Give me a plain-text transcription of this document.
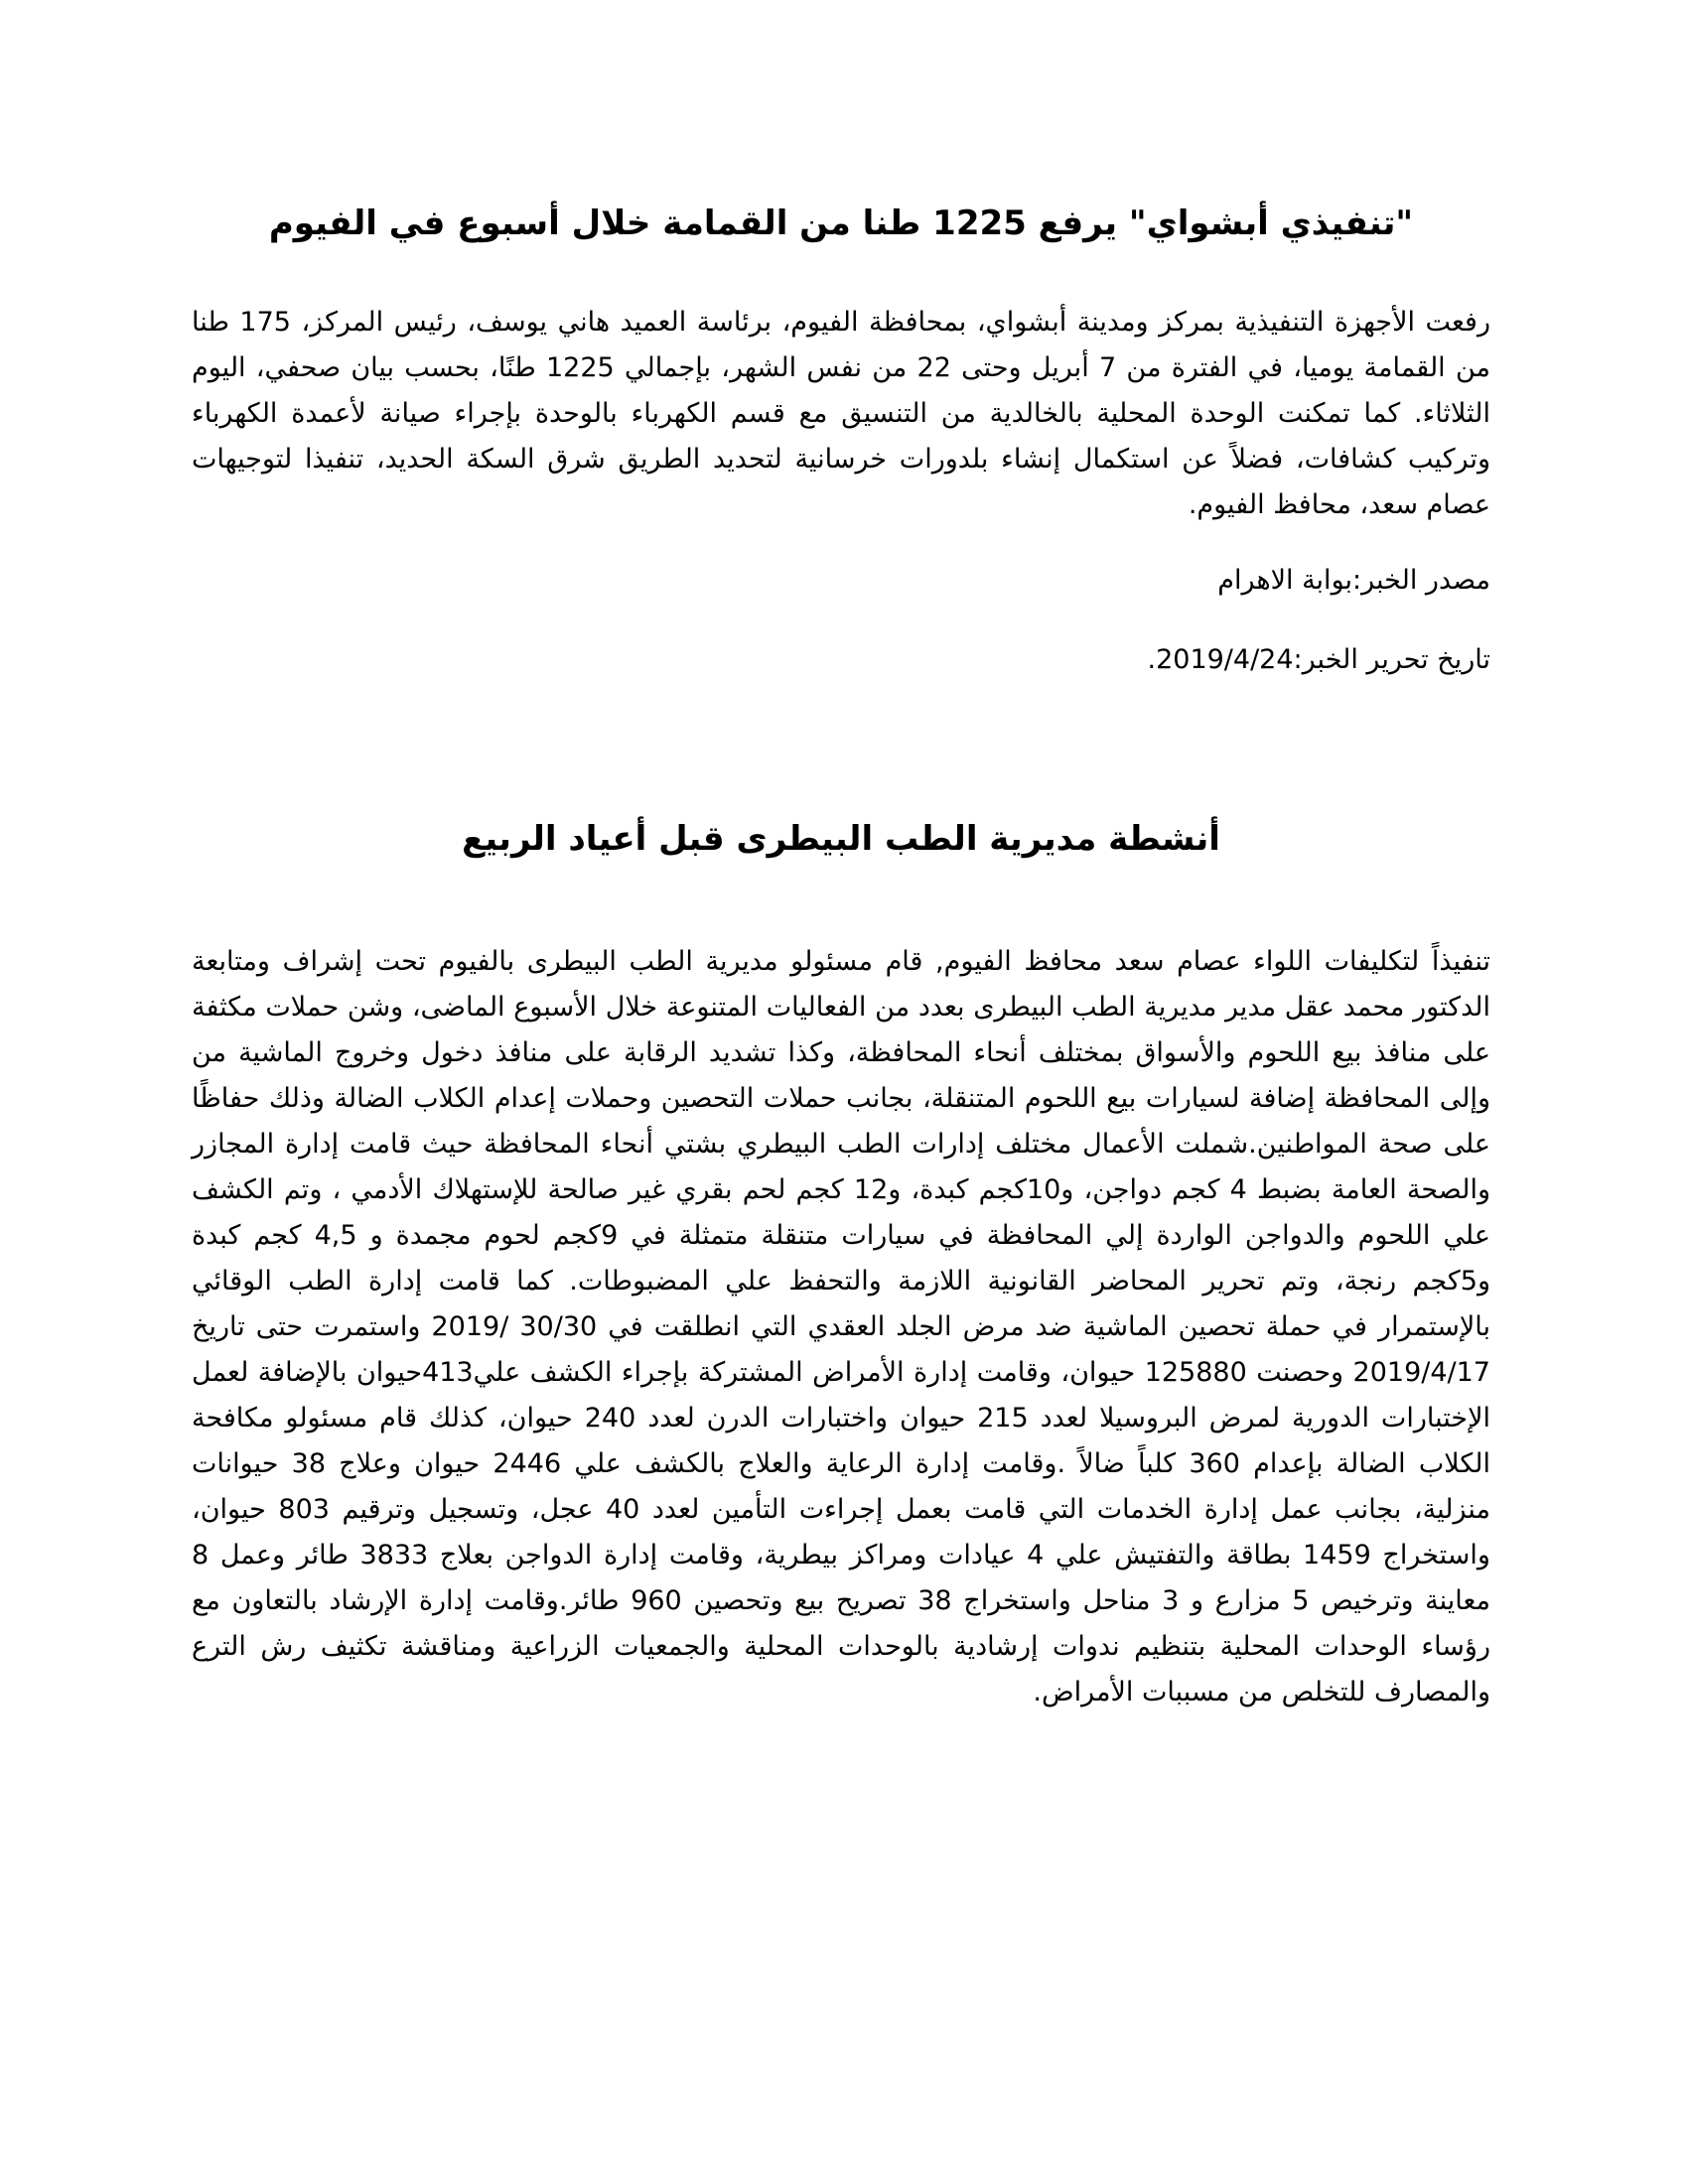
"تنفيذي أبشواي" يرفع 1225 طنا من القمامة خلال أسبوع في الفيوم

رفعت الأجهزة التنفيذية بمركز ومدينة أبشواي، بمحافظة الفيوم، برئاسة العميد هاني يوسف، رئيس المركز، 175 طنا من القمامة يوميا، في الفترة من 7 أبريل وحتى 22 من نفس الشهر، بإجمالي 1225 طنًا، بحسب بيان صحفي، اليوم الثلاثاء. كما تمكنت الوحدة المحلية بالخالدية من التنسيق مع قسم الكهرباء بالوحدة بإجراء صيانة لأعمدة الكهرباء وتركيب كشافات، فضلاً عن استكمال إنشاء بلدورات خرسانية لتحديد الطريق شرق السكة الحديد، تنفيذا لتوجيهات عصام سعد، محافظ الفيوم.

مصدر الخبر:بوابة الاهرام

تاريخ تحرير الخبر:2019/4/24.

أنشطة مديرية الطب البيطرى قبل أعياد الربيع

تنفيذاً لتكليفات اللواء عصام سعد محافظ الفيوم, قام مسئولو مديرية الطب البيطرى بالفيوم تحت إشراف ومتابعة الدكتور محمد عقل مدير مديرية الطب البيطرى بعدد من الفعاليات المتنوعة خلال الأسبوع الماضى، وشن حملات مكثفة على منافذ بيع اللحوم والأسواق بمختلف أنحاء المحافظة، وكذا تشديد الرقابة على منافذ دخول وخروج الماشية من وإلى المحافظة إضافة لسيارات بيع اللحوم المتنقلة، بجانب حملات التحصين وحملات إعدام الكلاب الضالة وذلك حفاظًا على صحة المواطنين.شملت الأعمال مختلف إدارات الطب البيطري بشتي أنحاء المحافظة حيث قامت إدارة المجازر والصحة العامة بضبط 4 كجم دواجن، و10كجم كبدة، و12 كجم لحم بقري غير صالحة للإستهلاك الأدمي ، وتم الكشف علي اللحوم والدواجن الواردة إلي المحافظة في سيارات متنقلة متمثلة في 9كجم لحوم مجمدة و 4,5 كجم كبدة و5كجم رنجة، وتم تحرير المحاضر القانونية اللازمة والتحفظ علي المضبوطات. كما قامت إدارة الطب الوقائي بالإستمرار في حملة تحصين الماشية ضد مرض الجلد العقدي التي انطلقت في 30/30 /2019 واستمرت حتى تاريخ 2019/4/17 وحصنت 125880 حيوان، وقامت إدارة الأمراض المشتركة بإجراء الكشف علي413حيوان بالإضافة لعمل الإختبارات الدورية لمرض البروسيلا لعدد 215 حيوان واختبارات الدرن لعدد 240 حيوان، كذلك قام مسئولو مكافحة الكلاب الضالة بإعدام 360 كلباً ضالاً .وقامت إدارة الرعاية والعلاج بالكشف علي 2446 حيوان وعلاج 38 حيوانات منزلية، بجانب عمل إدارة الخدمات التي قامت بعمل إجراءت التأمين لعدد 40 عجل، وتسجيل وترقيم 803 حيوان، واستخراج 1459 بطاقة والتفتيش علي 4 عيادات ومراكز بيطرية، وقامت إدارة الدواجن بعلاج 3833 طائر وعمل 8 معاينة وترخيص 5 مزارع و 3 مناحل واستخراج 38 تصريح بيع وتحصين 960 طائر.وقامت إدارة الإرشاد بالتعاون مع رؤساء الوحدات المحلية بتنظيم ندوات إرشادية بالوحدات المحلية والجمعيات الزراعية ومناقشة تكثيف رش الترع والمصارف للتخلص من مسببات الأمراض.
